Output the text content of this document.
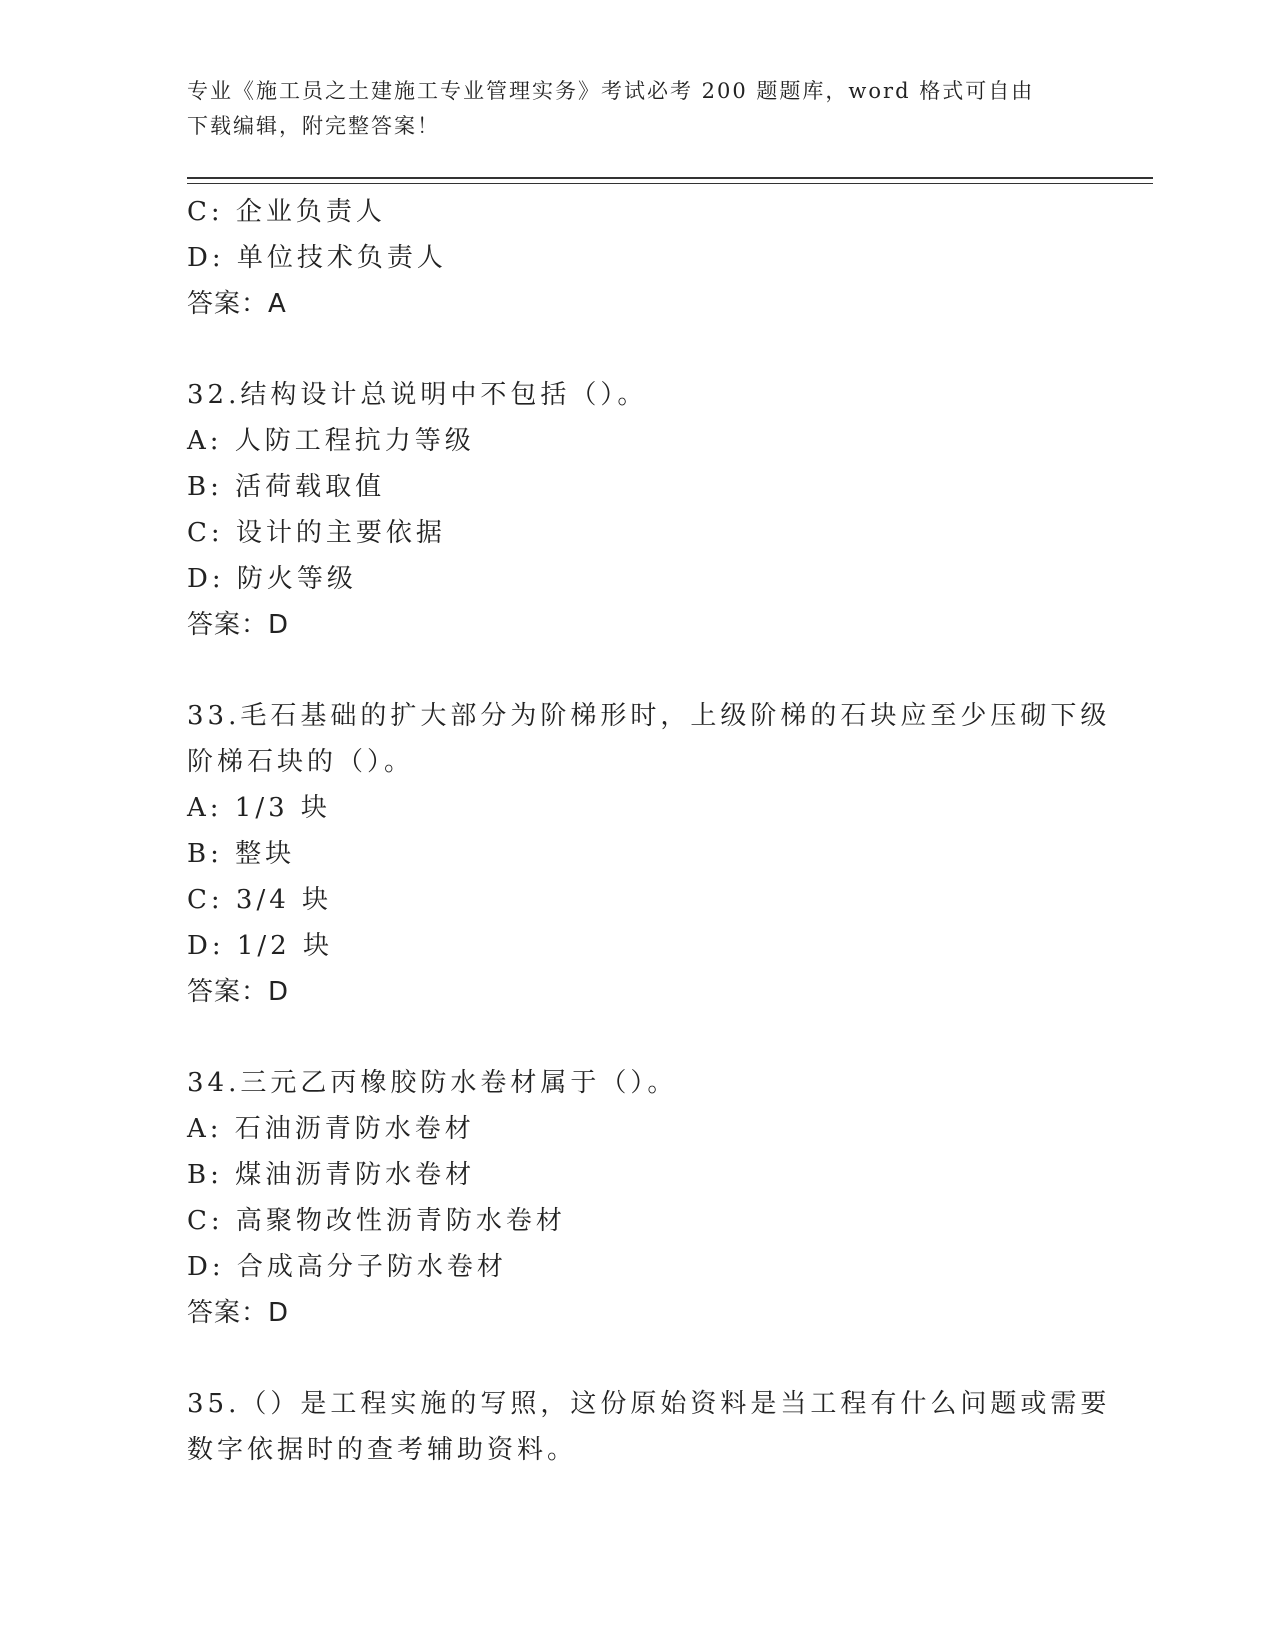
专业《施工员之土建施工专业管理实务》考试必考 200 题题库，word 格式可自由
下载编辑，附完整答案！
C: 企业负责人
D: 单位技术负责人
答案：A
32.结构设计总说明中不包括（）。
A: 人防工程抗力等级
B: 活荷载取值
C: 设计的主要依据
D: 防火等级
答案：D
33.毛石基础的扩大部分为阶梯形时，上级阶梯的石块应至少压砌下级
阶梯石块的（）。
A: 1/3 块
B: 整块
C: 3/4 块
D: 1/2 块
答案：D
34.三元乙丙橡胶防水卷材属于（）。
A: 石油沥青防水卷材
B: 煤油沥青防水卷材
C: 高聚物改性沥青防水卷材
D: 合成高分子防水卷材
答案：D
35.（）是工程实施的写照，这份原始资料是当工程有什么问题或需要
数字依据时的查考辅助资料。
